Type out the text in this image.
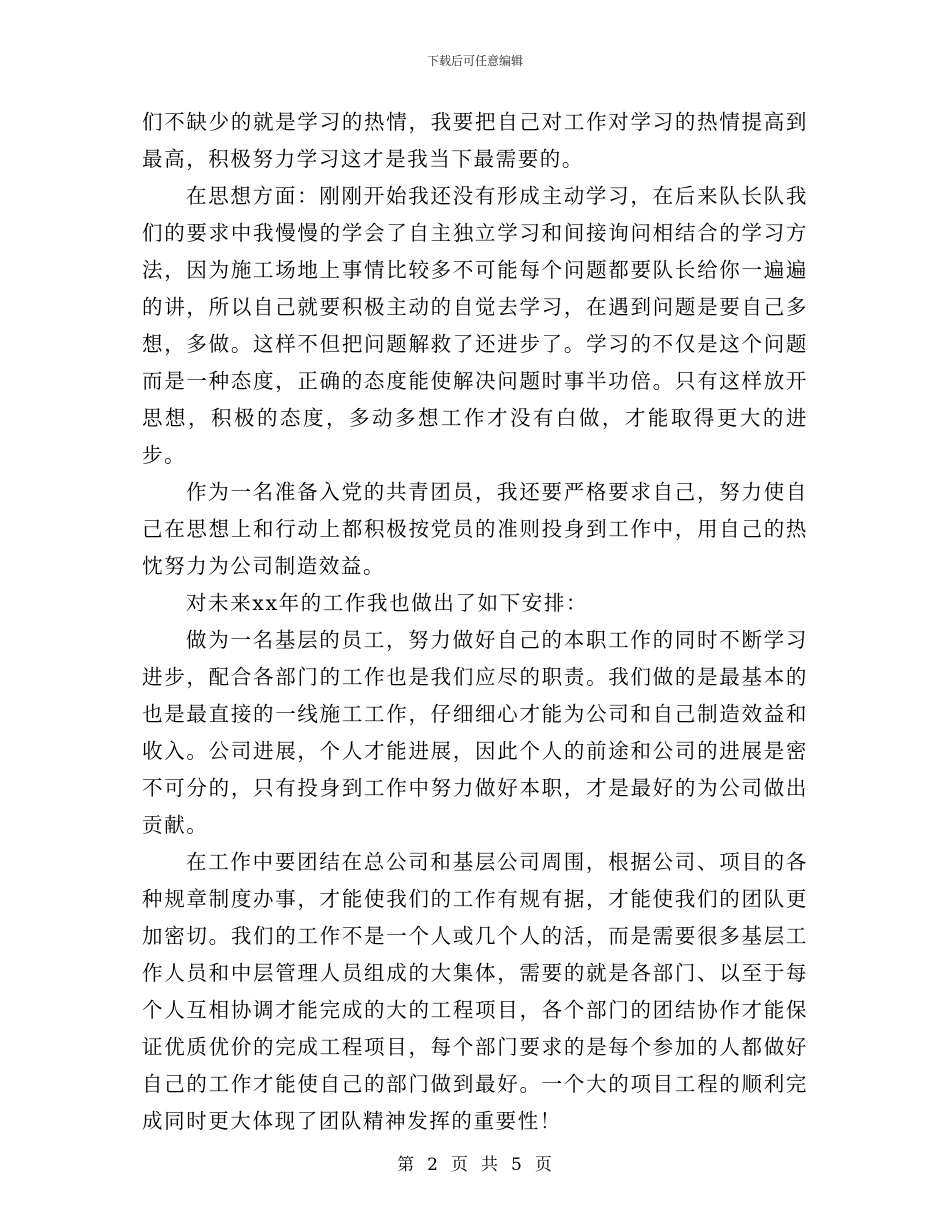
下载后可任意编辑

们不缺少的就是学习的热情，我要把自己对工作对学习的热情提高到最高，积极努力学习这才是我当下最需要的。

在思想方面：刚刚开始我还没有形成主动学习，在后来队长队我们的要求中我慢慢的学会了自主独立学习和间接询问相结合的学习方法，因为施工场地上事情比较多不可能每个问题都要队长给你一遍遍的讲，所以自己就要积极主动的自觉去学习，在遇到问题是要自己多想，多做。这样不但把问题解救了还进步了。学习的不仅是这个问题而是一种态度，正确的态度能使解决问题时事半功倍。只有这样放开思想，积极的态度，多动多想工作才没有白做，才能取得更大的进步。

作为一名准备入党的共青团员，我还要严格要求自己，努力使自己在思想上和行动上都积极按党员的准则投身到工作中，用自己的热忱努力为公司制造效益。

对未来xx年的工作我也做出了如下安排：

做为一名基层的员工，努力做好自己的本职工作的同时不断学习进步，配合各部门的工作也是我们应尽的职责。我们做的是最基本的也是最直接的一线施工工作，仔细细心才能为公司和自己制造效益和收入。公司进展，个人才能进展，因此个人的前途和公司的进展是密不可分的，只有投身到工作中努力做好本职，才是最好的为公司做出贡献。

在工作中要团结在总公司和基层公司周围，根据公司、项目的各种规章制度办事，才能使我们的工作有规有据，才能使我们的团队更加密切。我们的工作不是一个人或几个人的活，而是需要很多基层工作人员和中层管理人员组成的大集体，需要的就是各部门、以至于每个人互相协调才能完成的大的工程项目，各个部门的团结协作才能保证优质优价的完成工程项目，每个部门要求的是每个参加的人都做好自己的工作才能使自己的部门做到最好。一个大的项目工程的顺利完成同时更大体现了团队精神发挥的重要性！

第 2 页 共 5 页
